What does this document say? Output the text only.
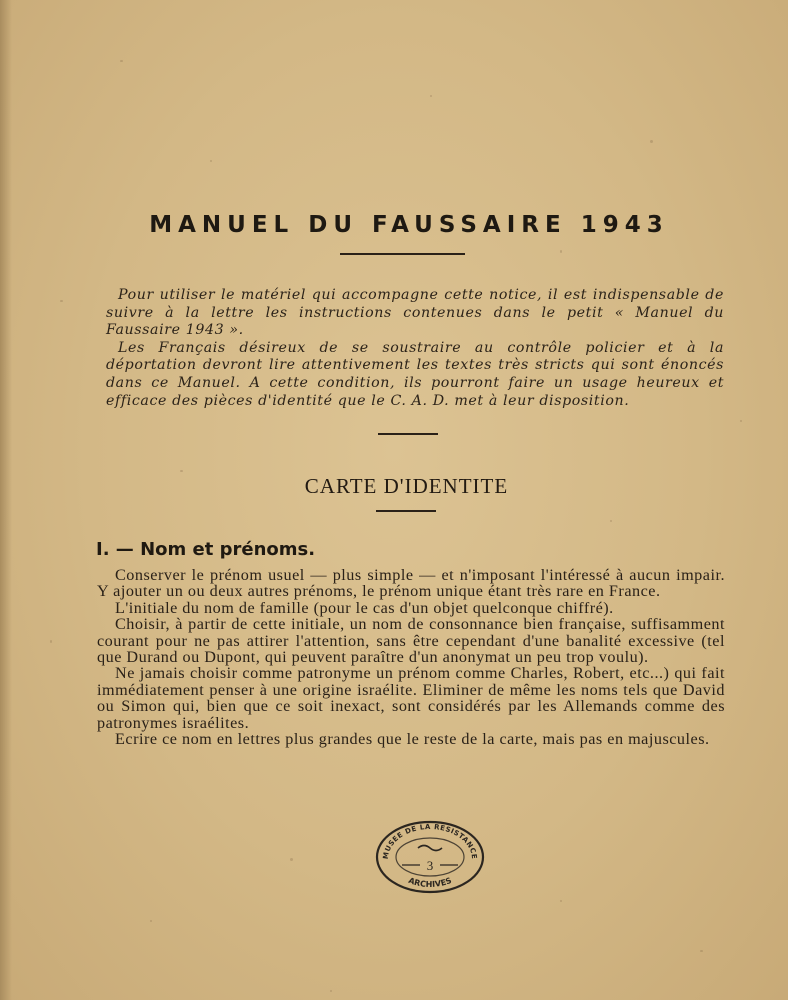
MANUEL DU FAUSSAIRE 1943

Pour utiliser le matériel qui accompagne cette notice, il est indispensable de suivre à la lettre les instructions contenues dans le petit « Manuel du Faussaire 1943 ».

Les Français désireux de se soustraire au contrôle policier et à la déportation devront lire attentivement les textes très stricts qui sont énoncés dans ce Manuel. A cette condition, ils pourront faire un usage heureux et efficace des pièces d'identité que le C. A. D. met à leur disposition.

CARTE D'IDENTITE
I. — Nom et prénoms.

Conserver le prénom usuel — plus simple — et n'imposant l'intéressé à aucun impair. Y ajouter un ou deux autres prénoms, le prénom unique étant très rare en France.

L'initiale du nom de famille (pour le cas d'un objet quelconque chiffré).

Choisir, à partir de cette initiale, un nom de consonnance bien française, suffisamment courant pour ne pas attirer l'attention, sans être cependant d'une banalité excessive (tel que Durand ou Dupont, qui peuvent paraître d'un anonymat un peu trop voulu).

Ne jamais choisir comme patronyme un prénom comme Charles, Robert, etc...) qui fait immédiatement penser à une origine israélite. Eliminer de même les noms tels que David ou Simon qui, bien que ce soit inexact, sont considérés par les Allemands comme des patronymes israélites.

Ecrire ce nom en lettres plus grandes que le reste de la carte, mais pas en majuscules.

MUSEE DE LA RESISTANCE
ARCHIVES
3
